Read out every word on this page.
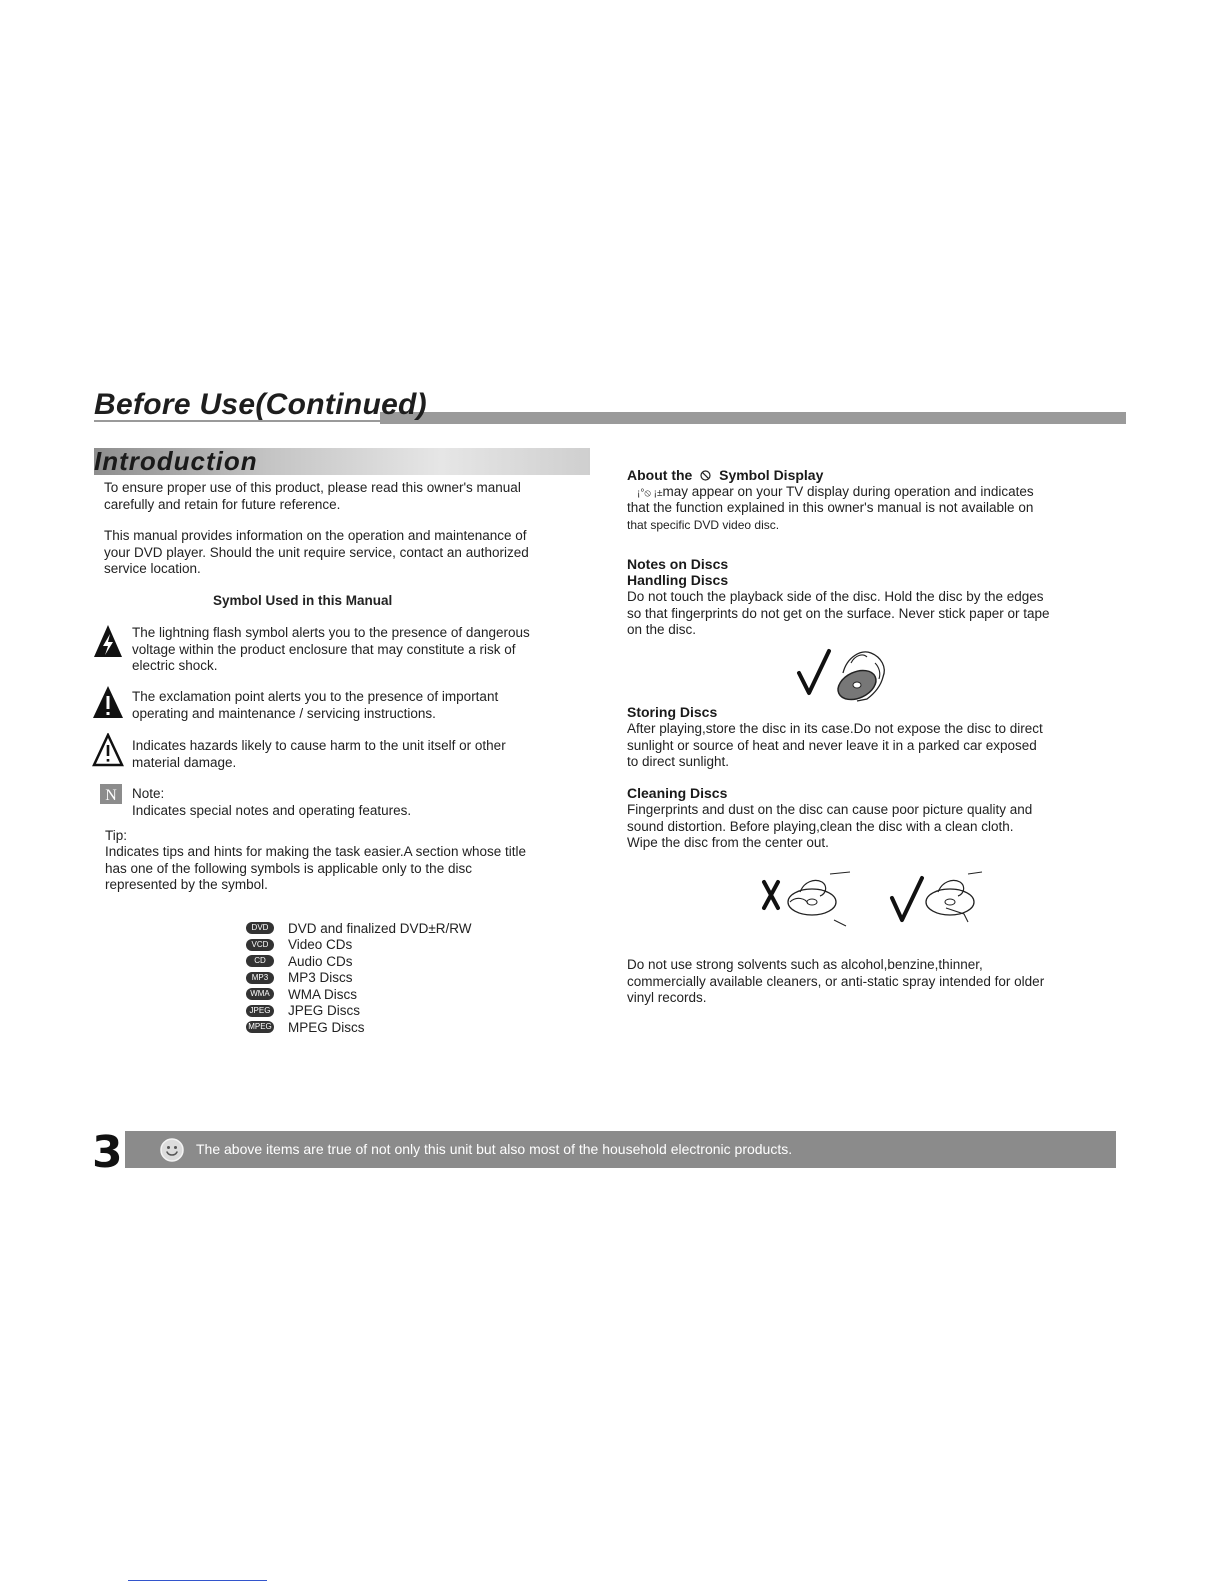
Before Use(Continued)
Introduction

To ensure proper use of this product, please read this owner's manual

carefully and retain for future reference.

This manual provides information on the operation and maintenance of

your DVD player. Should the unit require service, contact an authorized

service location.

Symbol Used in this Manual

The lightning flash symbol alerts you to the presence of dangerous

voltage within the product enclosure that may constitute a risk of

electric shock.

The exclamation point alerts you to the presence of important

operating and maintenance / servicing instructions.

Indicates hazards likely to cause harm to the unit itself or other

material damage.

N Note:

Indicates special notes and operating features.

Tip:

Indicates tips and hints for making the task easier.A section whose title

has one of the following symbols is applicable only to the disc

represented by the symbol.

DVD	DVD and finalized DVD±R/RW
VCD	Video CDs
CD	Audio CDs
MP3	MP3 Discs
WMA	WMA Discs
JPEG JPEG Discs
MPEG MPEG Discs
About the Symbol Display
¡°⦸ ¡±may appear on your TV display during operation and indicates
that the function explained in this owner's manual is not available on
that specific DVD video disc.
Notes on Discs
Handling Discs

Do not touch the playback side of the disc. Hold the disc by the edges

so that fingerprints do not get on the surface. Never stick paper or tape

on the disc.

Storing Discs

After playing,store the disc in its case.Do not expose the disc to direct

sunlight or source of heat and never leave it in a parked car exposed

to direct sunlight.

Cleaning Discs

Fingerprints and dust on the disc can cause poor picture quality and

sound distortion. Before playing,clean the disc with a clean cloth.

Wipe the disc from the center out.

Do not use strong solvents such as alcohol,benzine,thinner,

commercially available cleaners, or anti-static spray intended for older

vinyl records.

3	The above items are true of not only this unit but also most of the household electronic products.
